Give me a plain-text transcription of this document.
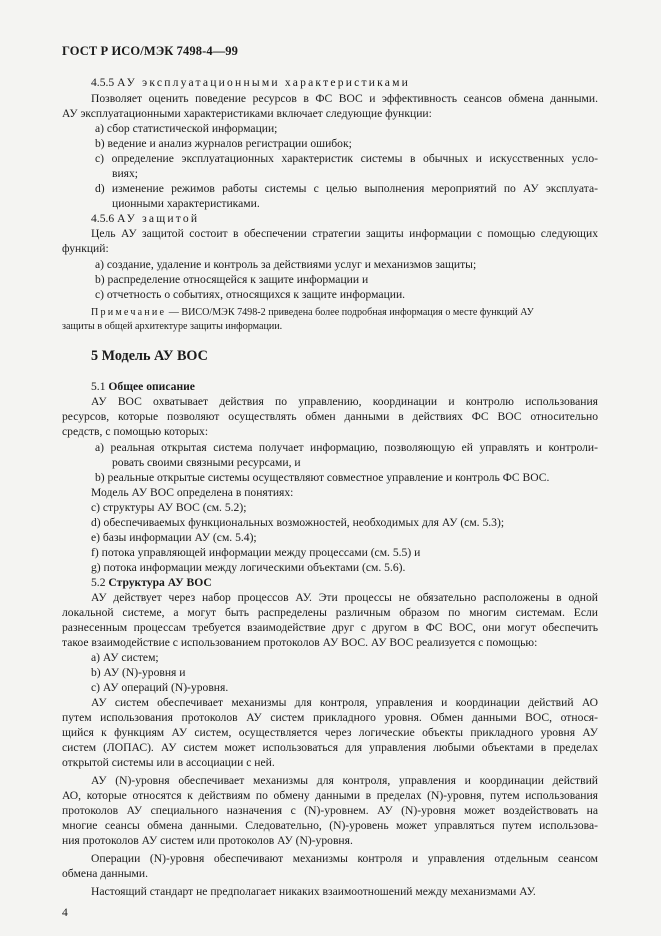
ГОСТ Р ИСО/МЭК 7498-4—99
4.5.5 АУ эксплуатационными характеристиками
Позволяет оценить поведение ресурсов в ФС ВОС и эффективность сеансов обмена данными.
АУ эксплуатационными характеристиками включает следующие функции:
а) сбор статистической информации;
b) ведение и анализ журналов регистрации ошибок;
c) определение эксплуатационных характеристик системы в обычных и искусственных усло-
виях;
d) изменение режимов работы системы с целью выполнения мероприятий по АУ эксплуата-
ционными характеристиками.
4.5.6 АУ защитой
Цель АУ защитой состоит в обеспечении стратегии защиты информации с помощью следующих
функций:
а) создание, удаление и контроль за действиями услуг и механизмов защиты;
b) распределение относящейся к защите информации и
c) отчетность о событиях, относящихся к защите информации.
Примечание — ВИСО/МЭК 7498-2 приведена более подробная информация о месте функций АУ
защиты в общей архитектуре защиты информации.
5 Модель АУ ВОС
5.1 Общее описание
АУ ВОС охватывает действия по управлению, координации и контролю использования
ресурсов, которые позволяют осуществлять обмен данными в действиях ФС ВОС относительно
средств, с помощью которых:
а) реальная открытая система получает информацию, позволяющую ей управлять и контроли-
ровать своими связными ресурсами, и
b) реальные открытые системы осуществляют совместное управление и контроль ФС ВОС.
Модель АУ ВОС определена в понятиях:
c) структуры АУ ВОС (см. 5.2);
d) обеспечиваемых функциональных возможностей, необходимых для АУ (см. 5.3);
e) базы информации АУ (см. 5.4);
f) потока управляющей информации между процессами (см. 5.5) и
g) потока информации между логическими объектами (см. 5.6).
5.2 Структура АУ ВОС
АУ действует через набор процессов АУ. Эти процессы не обязательно расположены в одной
локальной системе, а могут быть распределены различным образом по многим системам. Если
разнесенным процессам требуется взаимодействие друг с другом в ФС ВОС, они могут обеспечить
такое взаимодействие с использованием протоколов АУ ВОС. АУ ВОС реализуется с помощью:
а) АУ систем;
b) АУ (N)-уровня и
c) АУ операций (N)-уровня.
АУ систем обеспечивает механизмы для контроля, управления и координации действий АО
путем использования протоколов АУ систем прикладного уровня. Обмен данными ВОС, относя-
щийся к функциям АУ систем, осуществляется через логические объекты прикладного уровня АУ
систем (ЛОПАС). АУ систем может использоваться для управления любыми объектами в пределах
открытой системы или в ассоциации с ней.
АУ (N)-уровня обеспечивает механизмы для контроля, управления и координации действий
АО, которые относятся к действиям по обмену данными в пределах (N)-уровня, путем использования
протоколов АУ специального назначения с (N)-уровнем. АУ (N)-уровня может воздействовать на
многие сеансы обмена данными. Следовательно, (N)-уровень может управляться путем использова-
ния протоколов АУ систем или протоколов АУ (N)-уровня.
Операции (N)-уровня обеспечивают механизмы контроля и управления отдельным сеансом
обмена данными.
Настоящий стандарт не предполагает никаких взаимоотношений между механизмами АУ.
4
